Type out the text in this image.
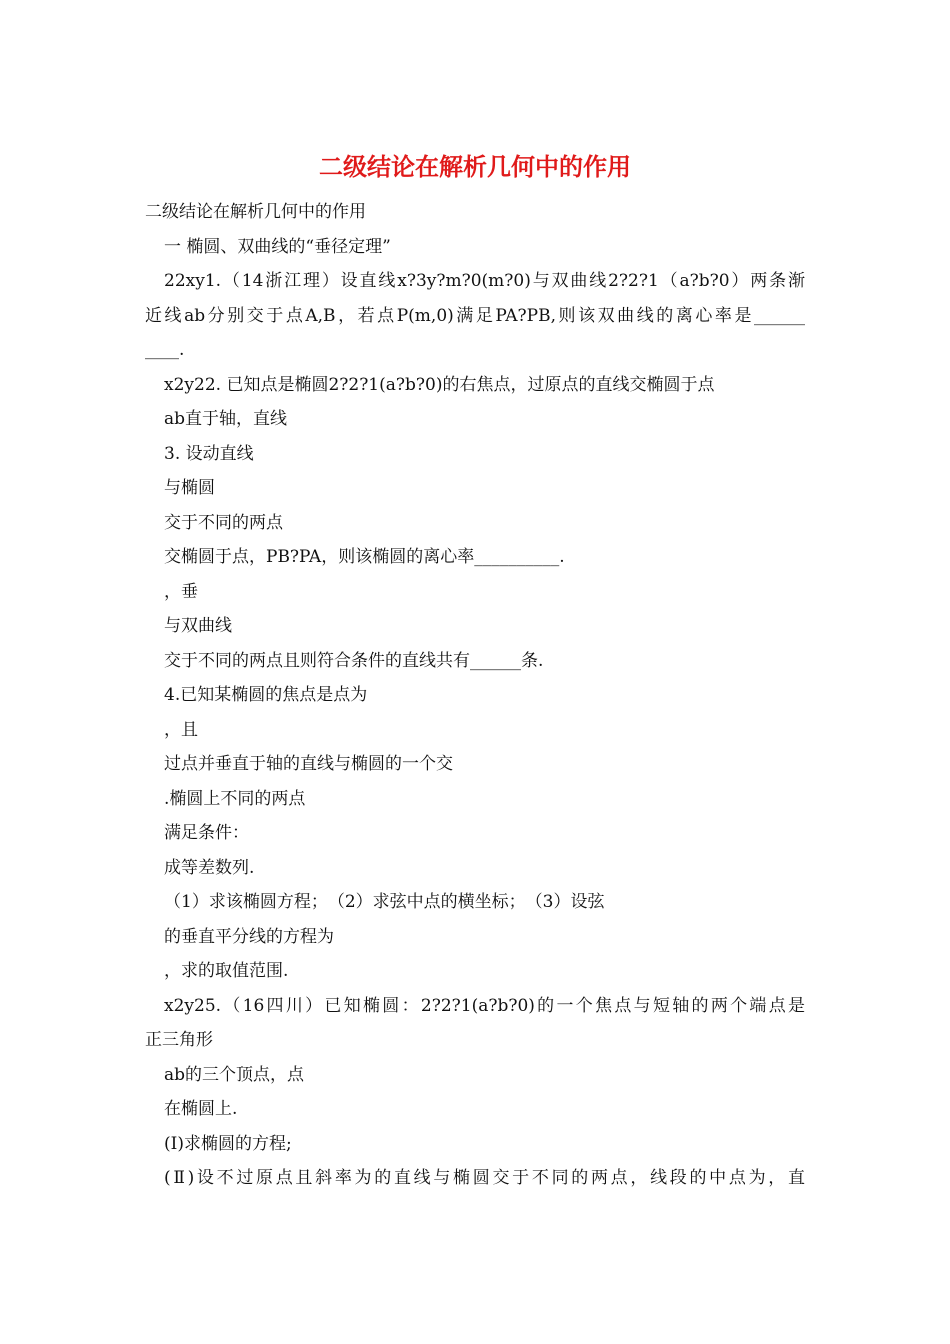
二级结论在解析几何中的作用
二级结论在解析几何中的作用
一 椭圆、双曲线的“垂径定理”
22xy1.（14浙江理）设直线x?3y?m?0(m?0)与双曲线2?2?1（a?b?0）两条渐
近线ab分别交于点A,B，若点P(m,0)满足PA?PB,则该双曲线的离心率是______
____.
x2y22. 已知点是椭圆2?2?1(a?b?0)的右焦点，过原点的直线交椭圆于点
ab直于轴，直线
3. 设动直线
与椭圆
交于不同的两点
交椭圆于点，PB?PA，则该椭圆的离心率__________.
，垂
与双曲线
交于不同的两点且则符合条件的直线共有______条.
4.已知某椭圆的焦点是点为
，且
过点并垂直于轴的直线与椭圆的一个交
.椭圆上不同的两点
满足条件：
成等差数列.
（1）求该椭圆方程；　（2）求弦中点的横坐标；　（3）设弦
的垂直平分线的方程为
，求的取值范围.
x2y25.（16四川）已知椭圆：2?2?1(a?b?0)的一个焦点与短轴的两个端点是
正三角形
ab的三个顶点，点
在椭圆上.
(Ⅰ)求椭圆的方程;
(Ⅱ)设不过原点且斜率为的直线与椭圆交于不同的两点，线段的中点为，直
